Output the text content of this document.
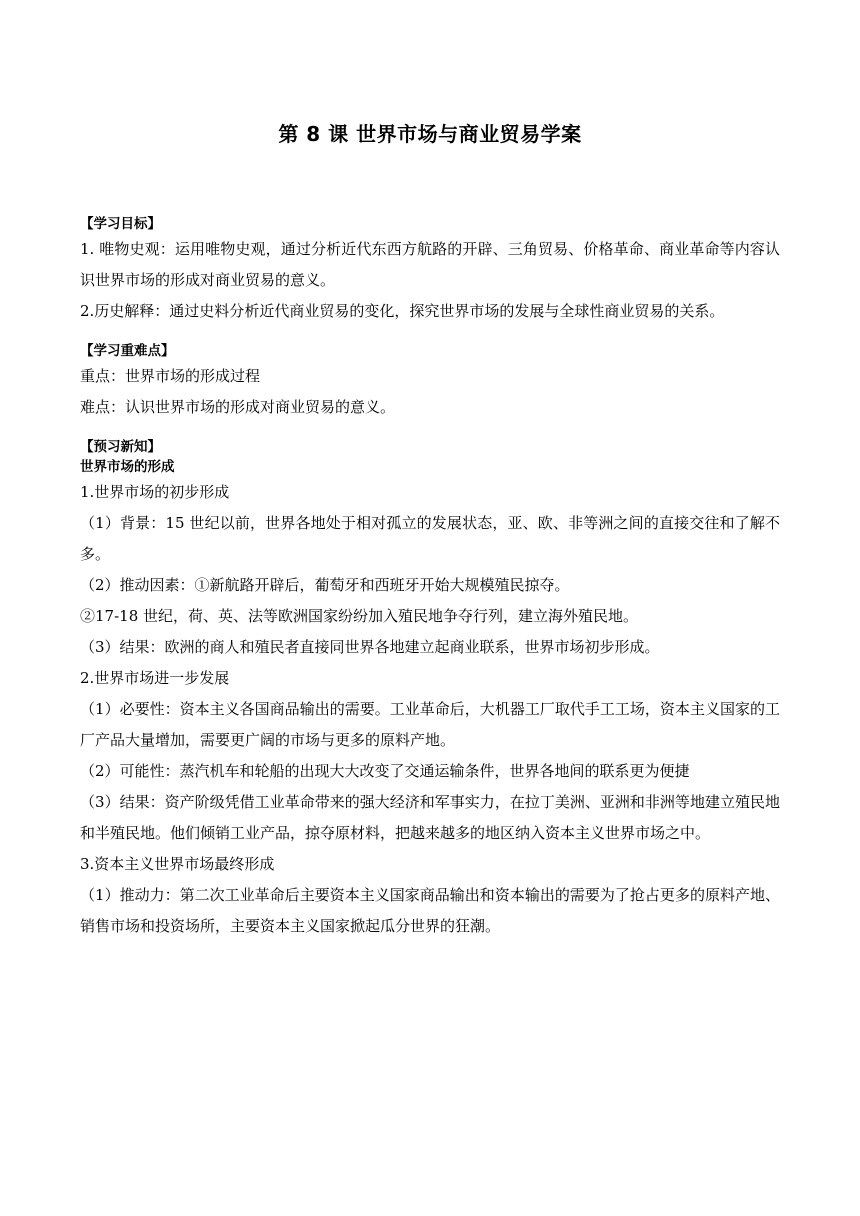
第 8 课 世界市场与商业贸易学案
【学习目标】

1. 唯物史观：运用唯物史观，通过分析近代东西方航路的开辟、三角贸易、价格革命、商业革命等内容认识世界市场的形成对商业贸易的意义。

2.历史解释：通过史料分析近代商业贸易的变化，探究世界市场的发展与全球性商业贸易的关系。

【学习重难点】

重点：世界市场的形成过程

难点：认识世界市场的形成对商业贸易的意义。

【预习新知】
世界市场的形成

1.世界市场的初步形成

（1）背景：15 世纪以前，世界各地处于相对孤立的发展状态，亚、欧、非等洲之间的直接交往和了解不多。

（2）推动因素：①新航路开辟后，葡萄牙和西班牙开始大规模殖民掠夺。

②17-18 世纪，荷、英、法等欧洲国家纷纷加入殖民地争夺行列，建立海外殖民地。

（3）结果：欧洲的商人和殖民者直接同世界各地建立起商业联系，世界市场初步形成。

2.世界市场进一步发展

（1）必要性：资本主义各国商品输出的需要。工业革命后，大机器工厂取代手工工场，资本主义国家的工厂产品大量增加，需要更广阔的市场与更多的原料产地。

（2）可能性：蒸汽机车和轮船的出现大大改变了交通运输条件，世界各地间的联系更为便捷

（3）结果：资产阶级凭借工业革命带来的强大经济和军事实力，在拉丁美洲、亚洲和非洲等地建立殖民地和半殖民地。他们倾销工业产品，掠夺原材料，把越来越多的地区纳入资本主义世界市场之中。

3.资本主义世界市场最终形成

（1）推动力：第二次工业革命后主要资本主义国家商品输出和资本输出的需要为了抢占更多的原料产地、销售市场和投资场所，主要资本主义国家掀起瓜分世界的狂潮。
